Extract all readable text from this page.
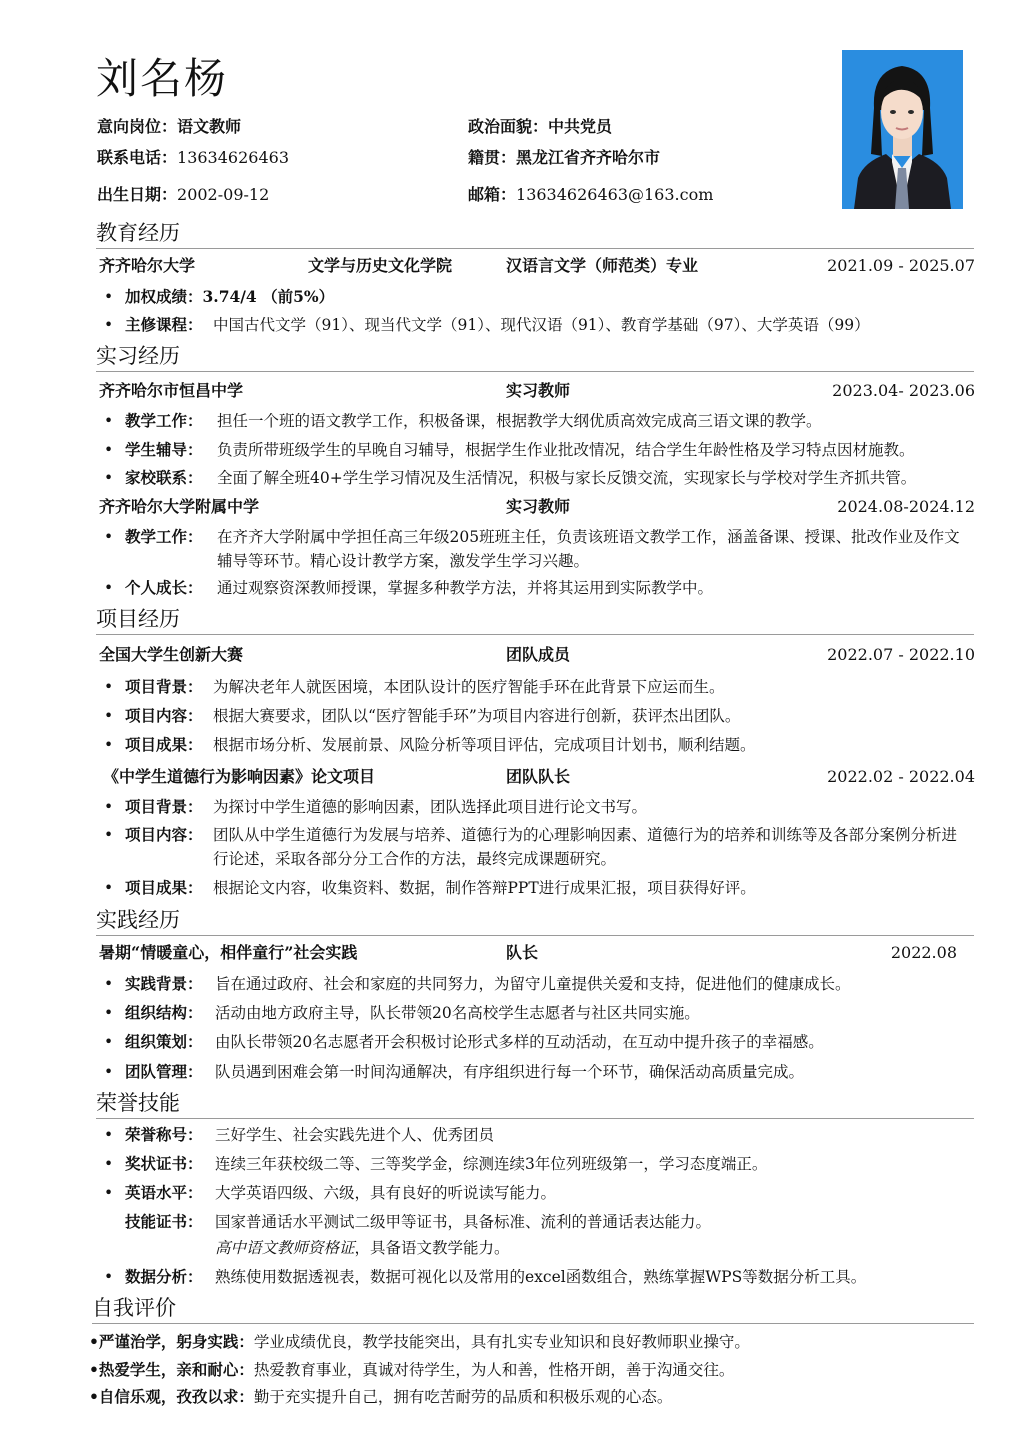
刘名杨
意向岗位：语文教师	政治面貌：中共党员
联系电话：13634626463	籍贯：黑龙江省齐齐哈尔市
出生日期：2002-09-12	邮箱：13634626463@163.com
教育经历
齐齐哈尔大学	文学与历史文化学院	汉语言文学（师范类）专业	2021.09 - 2025.07
• 加权成绩：3.74/4 （前5%）
• 主修课程： 中国古代文学（91）、现当代文学（91）、现代汉语（91）、教育学基础（97）、大学英语（99）
实习经历
齐齐哈尔市恒昌中学	实习教师	2023.04- 2023.06
• 教学工作： 担任一个班的语文教学工作，积极备课，根据教学大纲优质高效完成高三语文课的教学。
• 学生辅导： 负责所带班级学生的早晚自习辅导，根据学生作业批改情况，结合学生年龄性格及学习特点因材施教。
• 家校联系： 全面了解全班40+学生学习情况及生活情况，积极与家长反馈交流，实现家长与学校对学生齐抓共管。
齐齐哈尔大学附属中学	实习教师	2024.08-2024.12
• 教学工作： 在齐齐大学附属中学担任高三年级205班班主任，负责该班语文教学工作，涵盖备课、授课、批改作业及作文辅导等环节。精心设计教学方案，激发学生学习兴趣。
• 个人成长： 通过观察资深教师授课，掌握多种教学方法，并将其运用到实际教学中。
项目经历
全国大学生创新大赛	团队成员	2022.07 - 2022.10
• 项目背景： 为解决老年人就医困境，本团队设计的医疗智能手环在此背景下应运而生。
• 项目内容： 根据大赛要求，团队以“医疗智能手环”为项目内容进行创新，获评杰出团队。
• 项目成果： 根据市场分析、发展前景、风险分析等项目评估，完成项目计划书，顺利结题。
《中学生道德行为影响因素》论文项目	团队队长	2022.02 - 2022.04
• 项目背景： 为探讨中学生道德的影响因素，团队选择此项目进行论文书写。
• 项目内容： 团队从中学生道德行为发展与培养、道德行为的心理影响因素、道德行为的培养和训练等及各部分案例分析进行论述，采取各部分分工合作的方法，最终完成课题研究。
• 项目成果： 根据论文内容，收集资料、数据，制作答辩PPT进行成果汇报，项目获得好评。
实践经历
暑期“情暖童心，相伴童行”社会实践	队长	2022.08
• 实践背景： 旨在通过政府、社会和家庭的共同努力，为留守儿童提供关爱和支持，促进他们的健康成长。
• 组织结构： 活动由地方政府主导，队长带领20名高校学生志愿者与社区共同实施。
• 组织策划： 由队长带领20名志愿者开会积极讨论形式多样的互动活动，在互动中提升孩子的幸福感。
• 团队管理： 队员遇到困难会第一时间沟通解决，有序组织进行每一个环节，确保活动高质量完成。
荣誉技能
• 荣誉称号： 三好学生、社会实践先进个人、优秀团员
• 奖状证书： 连续三年获校级二等、三等奖学金，综测连续3年位列班级第一，学习态度端正。
• 英语水平： 大学英语四级、六级，具有良好的听说读写能力。
技能证书： 国家普通话水平测试二级甲等证书，具备标准、流利的普通话表达能力。
高中语文教师资格证，具备语文教学能力。
• 数据分析： 熟练使用数据透视表，数据可视化以及常用的excel函数组合，熟练掌握WPS等数据分析工具。
自我评价
•严谨治学，躬身实践：学业成绩优良，教学技能突出，具有扎实专业知识和良好教师职业操守。
•热爱学生，亲和耐心：热爱教育事业，真诚对待学生，为人和善，性格开朗，善于沟通交往。
•自信乐观，孜孜以求：勤于充实提升自己，拥有吃苦耐劳的品质和积极乐观的心态。
